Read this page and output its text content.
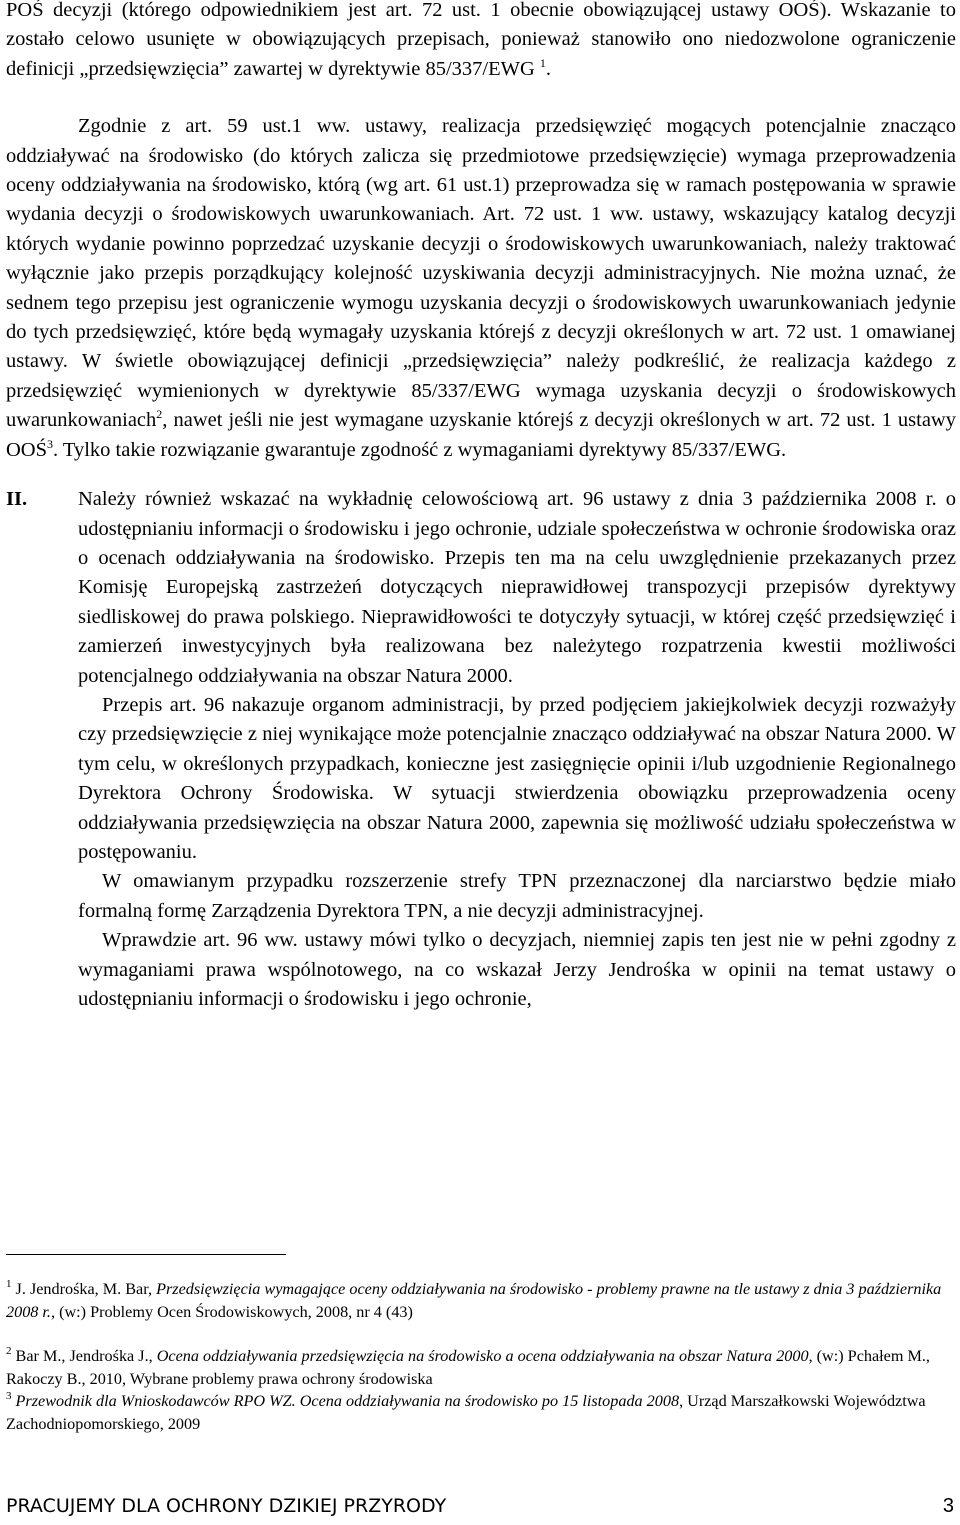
POŚ decyzji (którego odpowiednikiem jest art. 72 ust. 1 obecnie obowiązującej ustawy OOŚ). Wskazanie to zostało celowo usunięte w obowiązujących przepisach, ponieważ stanowiło ono niedozwolone ograniczenie definicji „przedsięwzięcia” zawartej w dyrektywie 85/337/EWG $^1$.

Zgodnie z art. 59 ust.1 ww. ustawy, realizacja przedsięwzięć mogących potencjalnie znacząco oddziaływać na środowisko (do których zalicza się przedmiotowe przedsięwzięcie) wymaga przeprowadzenia oceny oddziaływania na środowisko, którą (wg art. 61 ust.1) przeprowadza się w ramach postępowania w sprawie wydania decyzji o środowiskowych uwarunkowaniach. Art. 72 ust. 1 ww. ustawy, wskazujący katalog decyzji których wydanie powinno poprzedzać uzyskanie decyzji o środowiskowych uwarunkowaniach, należy traktować wyłącznie jako przepis porządkujący kolejność uzyskiwania decyzji administracyjnych. Nie można uznać, że sednem tego przepisu jest ograniczenie wymogu uzyskania decyzji o środowiskowych uwarunkowaniach jedynie do tych przedsięwzięć, które będą wymagały uzyskania którejś z decyzji określonych w art. 72 ust. 1 omawianej ustawy. W świetle obowiązującej definicji „przedsięwzięcia” należy podkreślić, że realizacja każdego z przedsięwzięć wymienionych w dyrektywie 85/337/EWG wymaga uzyskania decyzji o środowiskowych uwarunkowaniach$^2$, nawet jeśli nie jest wymagane uzyskanie którejś z decyzji określonych w art. 72 ust. 1 ustawy OOŚ$^3$. Tylko takie rozwiązanie gwarantuje zgodność z wymaganiami dyrektywy 85/337/EWG.

II. Należy również wskazać na wykładnię celowościową art. 96 ustawy z dnia 3 października 2008 r. o udostępnianiu informacji o środowisku i jego ochronie, udziale społeczeństwa w ochronie środowiska oraz o ocenach oddziaływania na środowisko. Przepis ten ma na celu uwzględnienie przekazanych przez Komisję Europejską zastrzeżeń dotyczących nieprawidłowej transpozycji przepisów dyrektywy siedliskowej do prawa polskiego. Nieprawidłowości te dotyczyły sytuacji, w której część przedsięwzięć i zamierzeń inwestycyjnych była realizowana bez należytego rozpatrzenia kwestii możliwości potencjalnego oddziaływania na obszar Natura 2000.

Przepis art. 96 nakazuje organom administracji, by przed podjęciem jakiejkolwiek decyzji rozważyły czy przedsięwzięcie z niej wynikające może potencjalnie znacząco oddziaływać na obszar Natura 2000. W tym celu, w określonych przypadkach, konieczne jest zasięgnięcie opinii i/lub uzgodnienie Regionalnego Dyrektora Ochrony Środowiska. W sytuacji stwierdzenia obowiązku przeprowadzenia oceny oddziaływania przedsięwzięcia na obszar Natura 2000, zapewnia się możliwość udziału społeczeństwa w postępowaniu.

W omawianym przypadku rozszerzenie strefy TPN przeznaczonej dla narciarstwo będzie miało formalną formę Zarządzenia Dyrektora TPN, a nie decyzji administracyjnej.

Wprawdzie art. 96 ww. ustawy mówi tylko o decyzjach, niemniej zapis ten jest nie w pełni zgodny z wymaganiami prawa wspólnotowego, na co wskazał Jerzy Jendrośka w opinii na temat ustawy o udostępnianiu informacji o środowisku i jego ochronie,

$^1$ J. Jendrośka, M. Bar, Przedsięwzięcia wymagające oceny oddziaływania na środowisko - problemy prawne na tle ustawy z dnia 3 października 2008 r., (w:) Problemy Ocen Środowiskowych, 2008, nr 4 (43)

$^2$ Bar M., Jendrośka J., Ocena oddziaływania przedsięwzięcia na środowisko a ocena oddziaływania na obszar Natura 2000, (w:) Pchałem M., Rakoczy B., 2010, Wybrane problemy prawa ochrony środowiska

$^3$ Przewodnik dla Wnioskodawców RPO WZ. Ocena oddziaływania na środowisko po 15 listopada 2008, Urząd Marszałkowski Województwa Zachodniopomorskiego, 2009

PRACUJEMY DLA OCHRONY DZIKIEJ PRZYRODY	3
